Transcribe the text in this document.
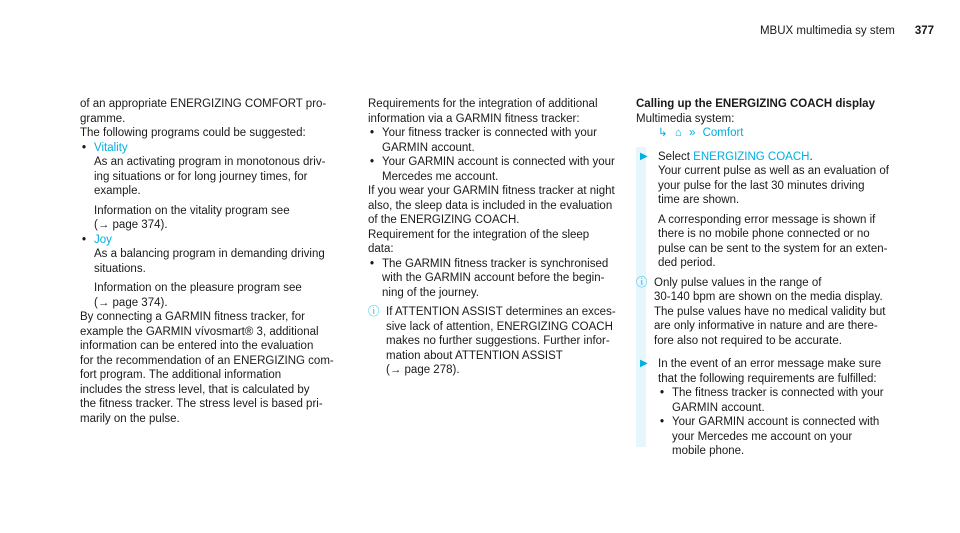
MBUX multimedia sy stem 377

of an appropriate ENERGIZING COMFORT pro-

gramme.

The following programs could be suggested:

• Vitality

As an activating program in monotonous driv-

ing situations or for long journey times, for

example.

Information on the vitality program see

(→ page 374).

• Joy

As a balancing program in demanding driving

situations.

Information on the pleasure program see

(→ page 374).

By connecting a GARMIN fitness tracker, for

example the GARMIN vívosmart® 3, additional

information can be entered into the evaluation

for the recommendation of an ENERGIZING com-

fort program. The additional information

includes the stress level, that is calculated by

the fitness tracker. The stress level is based pri-

marily on the pulse.

Requirements for the integration of additional

information via a GARMIN fitness tracker:

• Your fitness tracker is connected with your

GARMIN account.

• Your GARMIN account is connected with your

Mercedes me account.

If you wear your GARMIN fitness tracker at night

also, the sleep data is included in the evaluation

of the ENERGIZING COACH.

Requirement for the integration of the sleep

data:

• The GARMIN fitness tracker is synchronised

with the GARMIN account before the begin-

ning of the journey.

ⓘ If ATTENTION ASSIST determines an exces-

sive lack of attention, ENERGIZING COACH

makes no further suggestions. Further infor-

mation about ATTENTION ASSIST

(→ page 278).

Calling up the ENERGIZING COACH display

Multimedia system:

↳ ⌂ » Comfort

▶ Select ENERGIZING COACH.

Your current pulse as well as an evaluation of

your pulse for the last 30 minutes driving

time are shown.

A corresponding error message is shown if

there is no mobile phone connected or no

pulse can be sent to the system for an exten-

ded period.

ⓘ Only pulse values in the range of

30-140 bpm are shown on the media display.

The pulse values have no medical validity but

are only informative in nature and are there-

fore also not required to be accurate.

▶ In the event of an error message make sure

that the following requirements are fulfilled:

• The fitness tracker is connected with your

GARMIN account.

• Your GARMIN account is connected with

your Mercedes me account on your

mobile phone.
